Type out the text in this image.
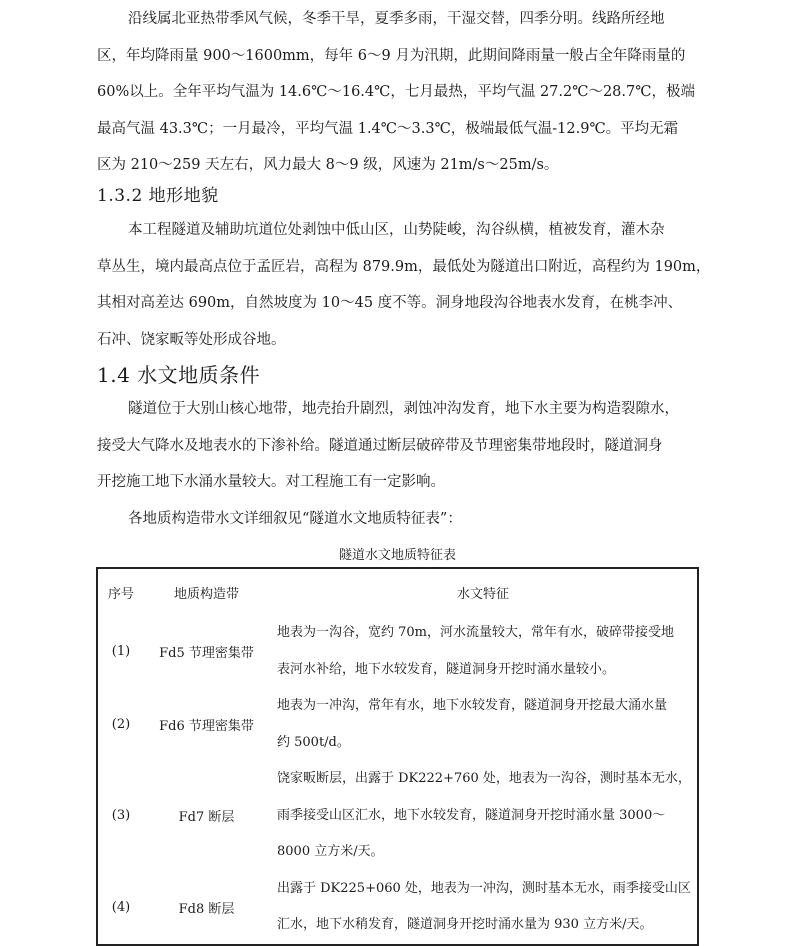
沿线属北亚热带季风气候，冬季干旱，夏季多雨，干湿交替，四季分明。线路所经地
区，年均降雨量 900～1600mm，每年 6～9 月为汛期，此期间降雨量一般占全年降雨量的
60%以上。全年平均气温为 14.6℃～16.4℃，七月最热，平均气温 27.2℃～28.7℃，极端
最高气温 43.3℃；一月最冷，平均气温 1.4℃～3.3℃，极端最低气温-12.9℃。平均无霜
区为 210～259 天左右，风力最大 8～9 级，风速为 21m/s～25m/s。
1.3.2 地形地貌
本工程隧道及辅助坑道位处剥蚀中低山区，山势陡峻，沟谷纵横，植被发育，灌木杂
草丛生，境内最高点位于孟匠岩，高程为 879.9m，最低处为隧道出口附近，高程约为 190m，
其相对高差达 690m，自然坡度为 10～45 度不等。洞身地段沟谷地表水发育，在桃李冲、
石冲、饶家畈等处形成谷地。
1.4 水文地质条件
隧道位于大别山核心地带，地壳抬升剧烈，剥蚀冲沟发育，地下水主要为构造裂隙水，
接受大气降水及地表水的下渗补给。隧道通过断层破碎带及节理密集带地段时，隧道洞身
开挖施工地下水涌水量较大。对工程施工有一定影响。
各地质构造带水文详细叙见“隧道水文地质特征表”：

隧道水文地质特征表

序号	地质构造带	水文特征
(1)	Fd5 节理密集带	地表为一沟谷，宽约 70m，河水流量较大，常年有水，破碎带接受地
表河水补给，地下水较发育，隧道洞身开挖时涌水量较小。

(2)	Fd6 节理密集带	地表为一冲沟，常年有水，地下水较发育，隧道洞身开挖最大涌水量
约 500t/d。

(3)	Fd7 断层	饶家畈断层，出露于 DK222+760 处，地表为一沟谷，测时基本无水，
雨季接受山区汇水，地下水较发育，隧道洞身开挖时涌水量 3000～
8000 立方米/天。

(4)	Fd8 断层	出露于 DK225+060 处，地表为一冲沟，测时基本无水，雨季接受山区
汇水，地下水稍发育，隧道洞身开挖时涌水量为 930 立方米/天。
